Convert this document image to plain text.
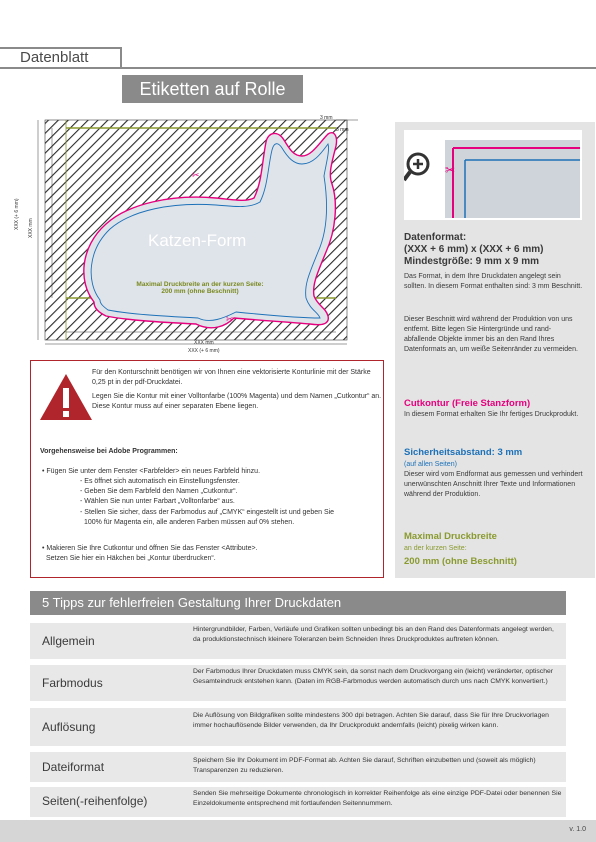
Datenblatt
Etiketten auf Rolle
✂
✂
Katzen-Form
Maximal Druckbreite an der kurzen Seite:
200 mm (ohne Beschnitt)
3 mm
3 mm
XXX mm
XXX (+ 6 mm)
XXX (+ 6 mm) XXX mm
✂
Datenformat:
(XXX + 6 mm) x (XXX + 6 mm)
Mindestgröße: 9 mm x 9 mm
Das Format, in dem Ihre Druckdaten angelegt sein sollten. In diesem Format enthalten sind: 3 mm Beschnitt.
Dieser Beschnitt wird während der Produktion von uns entfernt. Bitte legen Sie Hintergründe und rand- abfallende Objekte immer bis an den Rand Ihres Datenformats an, um weiße Seitenränder zu vermeiden.
Cutkontur (Freie Stanzform)
In diesem Format erhalten Sie Ihr fertiges Druckprodukt.
Sicherheitsabstand: 3 mm
(auf allen Seiten)
Dieser wird vom Endformat aus gemessen und verhindert unerwünschten Anschnitt Ihrer Texte und Informationen während der Produktion.
Maximal Druckbreite
an der kurzen Seite:
200 mm (ohne Beschnitt)
Für den Konturschnitt benötigen wir von Ihnen eine vektorisierte Konturlinie mit der Stärke 0,25 pt in der pdf-Druckdatei.
Legen Sie die Kontur mit einer Volltonfarbe (100% Magenta) und dem Namen „Cutkontur“ an. Diese Kontur muss auf einer separaten Ebene liegen.
Vorgehensweise bei Adobe Programmen:
• Fügen Sie unter dem Fenster <Farbfelder> ein neues Farbfeld hinzu.
- Es öffnet sich automatisch ein Einstellungsfenster.
- Geben Sie dem Farbfeld den Namen „Cutkontur“.
- Wählen Sie nun unter Farbart „Volltonfarbe“ aus.
- Stellen Sie sicher, dass der Farbmodus auf „CMYK“ eingestellt ist und geben Sie
100% für Magenta ein, alle anderen Farben müssen auf 0% stehen.
• Makieren Sie Ihre Cutkontur und öffnen Sie das Fenster <Attribute>.
Setzen Sie hier ein Häkchen bei „Kontur überdrucken“.
5 Tipps zur fehlerfreien Gestaltung Ihrer Druckdaten
Allgemein
Hintergrundbilder, Farben, Verläufe und Grafiken sollten unbedingt bis an den Rand des Datenformats angelegt werden, da produktionstechnisch kleinere Toleranzen beim Schneiden Ihres Druckproduktes auftreten können.
Farbmodus
Der Farbmodus Ihrer Druckdaten muss CMYK sein, da sonst nach dem Druckvorgang ein (leicht) veränderter, optischer Gesamteindruck entstehen kann. (Daten im RGB-Farbmodus werden automatisch durch uns nach CMYK konvertiert.)
Auflösung
Die Auflösung von Bildgrafiken sollte mindestens 300 dpi betragen. Achten Sie darauf, dass Sie für Ihre Druckvorlagen immer hochauflösende Bilder verwenden, da Ihr Druckprodukt andernfalls (leicht) pixelig wirken kann.
Dateiformat	Speichern Sie Ihr Dokument im PDF-Format ab. Achten Sie darauf, Schriften einzubetten und (soweit als möglich) Transparenzen zu reduzieren.
Seiten(-reihenfolge)
Senden Sie mehrseitige Dokumente chronologisch in korrekter Reihenfolge als eine einzige PDF-Datei oder benennen Sie Einzeldokumente entsprechend mit fortlaufenden Seitennummern.
v. 1.0
